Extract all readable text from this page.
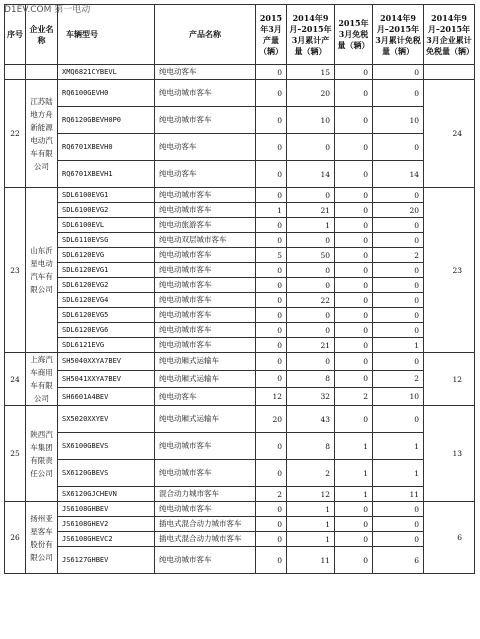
D1EV.COM 第一电动
序号	企业名称	车辆型号	产品名称	2015年3月产量（辆）	2014年9月–2015年3月累计产量（辆）	2015年3月免税量（辆）	2014年9月–2015年3月累计免税量（辆）	2014年9月–2015年3月企业累计免税量（辆）
		XMQ6821CYBEVL	纯电动客车	0	15	0	0	
22	江苏陆地方舟新能源电动汽车有限公司	RQ6100GEVH0	纯电动城市客车	0	20	0	0	24
		RQ6120GBEVH0P0	纯电动城市客车	0	10	0	10	
		RQ6701XBEVH0	纯电动客车	0	0	0	0	
		RQ6701XBEVH1	纯电动客车	0	14	0	14	
23	山东沂星电动汽车有限公司	SDL6100EVG1	纯电动城市客车	0	0	0	0	23
		SDL6100EVG2	纯电动城市客车	1	21	0	20	
		SDL6100EVL	纯电动旅游客车	0	1	0	0	
		SDL6110EVSG	纯电动双层城市客车	0	0	0	0	
		SDL6120EVG	纯电动城市客车	5	50	0	2	
		SDL6120EVG1	纯电动城市客车	0	0	0	0	
		SDL6120EVG2	纯电动城市客车	0	0	0	0	
		SDL6120EVG4	纯电动城市客车	0	22	0	0	
		SDL6120EVG5	纯电动城市客车	0	0	0	0	
		SDL6120EVG6	纯电动城市客车	0	0	0	0	
		SDL6121EVG	纯电动城市客车	0	21	0	1	
24	上海汽车商用车有限公司	SH5040XXYA7BEV	纯电动厢式运输车	0	0	0	0	12
		SH5041XXYA7BEV	纯电动厢式运输车	0	8	0	2	
		SH6601A4BEV	纯电动客车	12	32	2	10	
25	陕西汽车集团有限责任公司	SX5020XXYEV	纯电动厢式运输车	20	43	0	0	13
		SX6100GBEVS	纯电动城市客车	0	8	1	1	
		SX6120GBEVS	纯电动城市客车	0	2	1	1	
		SX6120GJCHEVN	混合动力城市客车	2	12	1	11	
26	扬州亚星客车股份有限公司	JS6108GHBEV	纯电动城市客车	0	1	0	0	6
		JS6108GHEV2	插电式混合动力城市客车	0	1	0	0	
		JS6108GHEVC2	插电式混合动力城市客车	0	1	0	0	
		JS6127GHBEV	纯电动城市客车	0	11	0	6	
